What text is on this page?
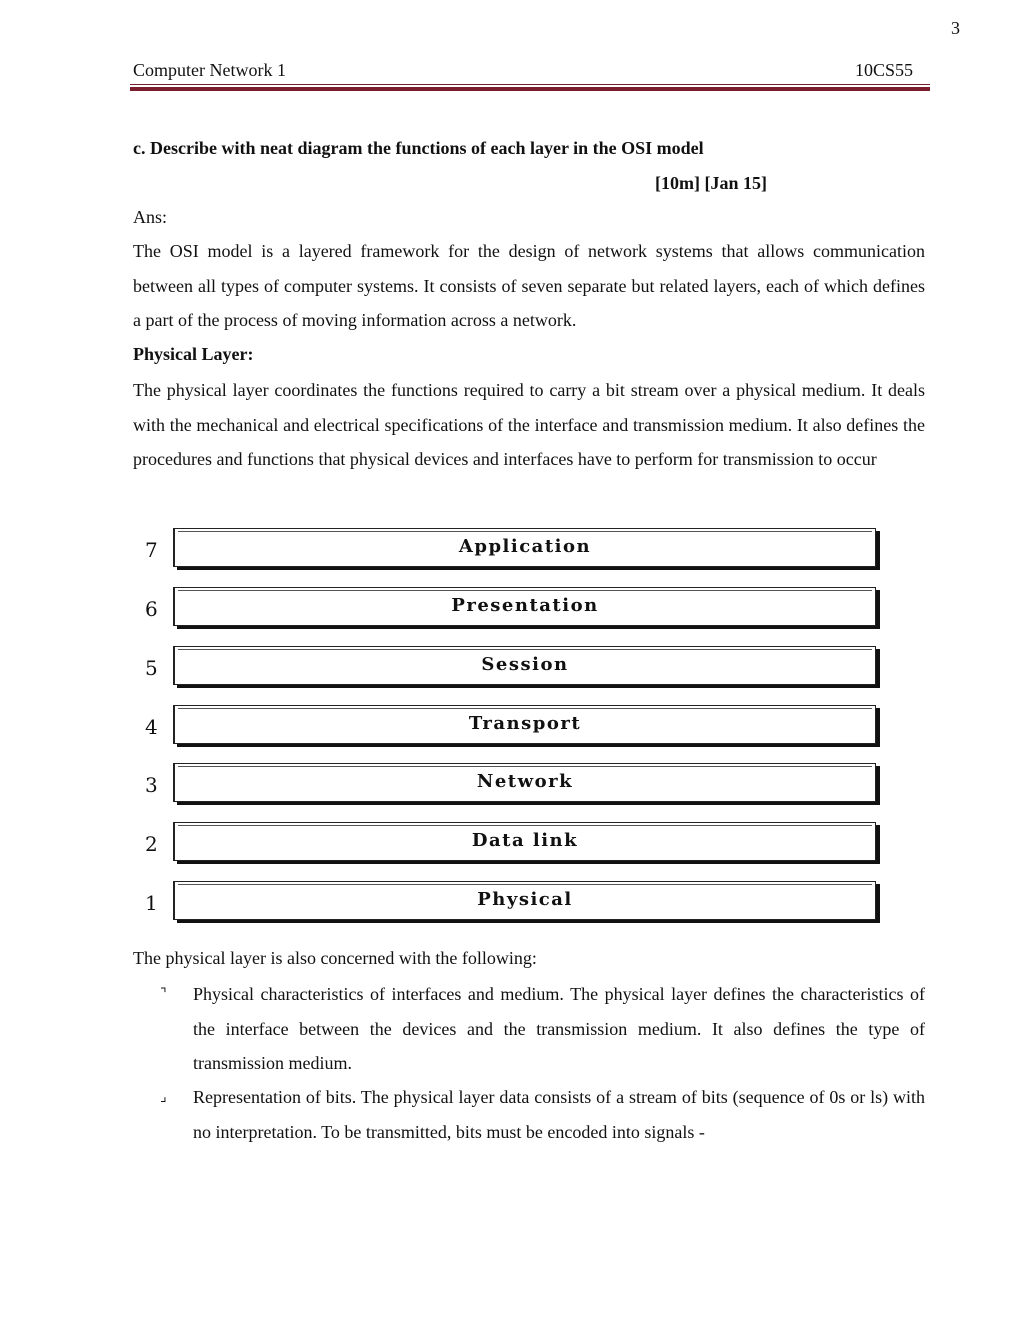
3
Computer Network 1	10CS55
c. Describe with neat diagram the functions of each layer in the OSI model
[10m] [Jan 15]
Ans:
The OSI model is a layered framework for the design of network systems that allows communication between all types of computer systems. It consists of seven separate but related layers, each of which defines a part of the process of moving information across a network.
Physical Layer:
The physical layer coordinates the functions required to carry a bit stream over a physical medium. It deals with the mechanical and electrical specifications of the interface and transmission medium. It also defines the procedures and functions that physical devices and interfaces have to perform for transmission to occur
7	Application
6	Presentation
5	Session
4	Transport
3	Network
2	Data link
1	Physical
The physical layer is also concerned with the following:
⌝	Physical characteristics of interfaces and medium. The physical layer defines the characteristics of the interface between the devices and the transmission medium. It also defines the type of transmission medium.
⌟	Representation of bits. The physical layer data consists of a stream of bits (sequence of 0s or ls) with no interpretation. To be transmitted, bits must be encoded into signals -
